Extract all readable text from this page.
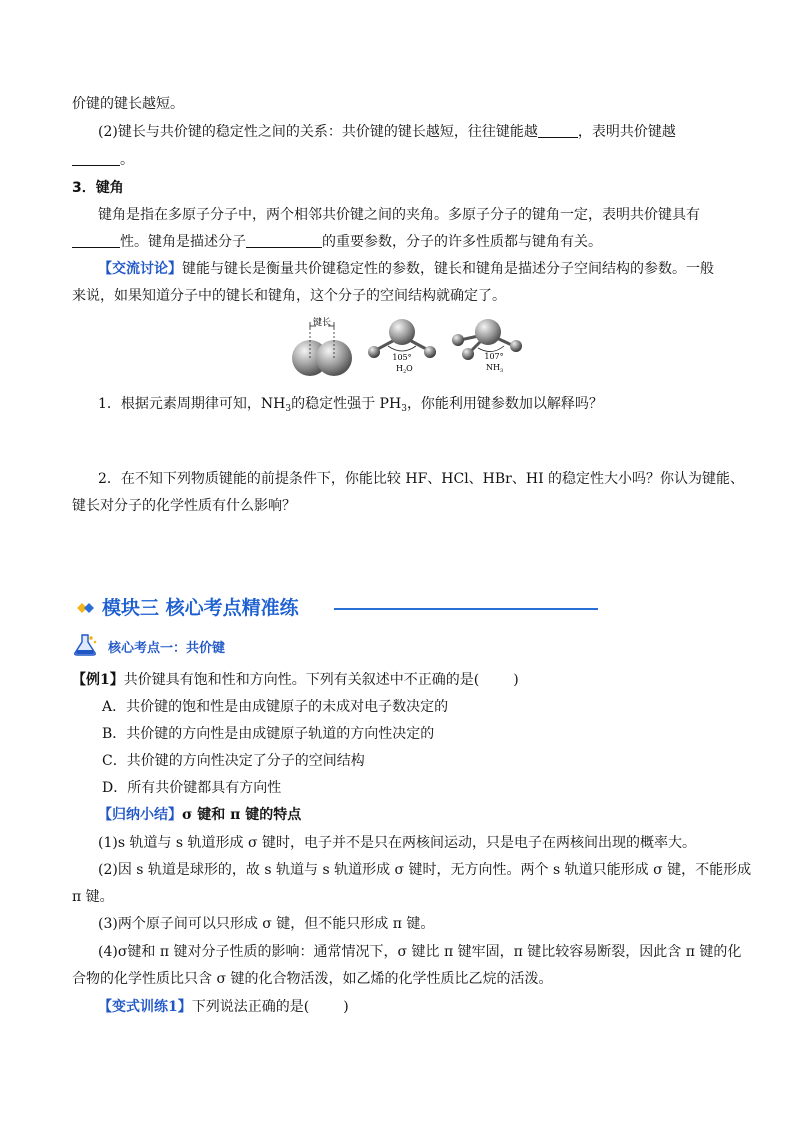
价键的键长越短。
(2)键长与共价键的稳定性之间的关系：共价键的键长越短，往往键能越	，表明共价键越
。
3．键角
键角是指在多原子分子中，两个相邻共价键之间的夹角。多原子分子的键角一定，表明共价键具有
性。键角是描述分子	的重要参数，分子的许多性质都与键角有关。
【交流讨论】键能与键长是衡量共价键稳定性的参数，键长和键角是描述分子空间结构的参数。一般
来说，如果知道分子中的键长和键角，这个分子的空间结构就确定了。
键长
105°
$H_2O$
107°
$NH_3$
1．根据元素周期律可知，$NH_3$的稳定性强于 $PH_3$，你能利用键参数加以解释吗？
2．在不知下列物质键能的前提条件下，你能比较 HF、HCl、HBr、HI 的稳定性大小吗？你认为键能、
键长对分子的化学性质有什么影响？
模块三 核心考点精准练
核心考点一：共价键
【例1】共价键具有饱和性和方向性。下列有关叙述中不正确的是( )
A．共价键的饱和性是由成键原子的未成对电子数决定的
B．共价键的方向性是由成键原子轨道的方向性决定的
C．共价键的方向性决定了分子的空间结构
D．所有共价键都具有方向性
【归纳小结】σ 键和 π 键的特点
(1)s 轨道与 s 轨道形成 σ 键时，电子并不是只在两核间运动，只是电子在两核间出现的概率大。
(2)因 s 轨道是球形的，故 s 轨道与 s 轨道形成 σ 键时，无方向性。两个 s 轨道只能形成 σ 键，不能形成
π 键。
(3)两个原子间可以只形成 σ 键，但不能只形成 π 键。
(4)σ键和 π 键对分子性质的影响：通常情况下，σ 键比 π 键牢固，π 键比较容易断裂，因此含 π 键的化
合物的化学性质比只含 σ 键的化合物活泼，如乙烯的化学性质比乙烷的活泼。
【变式训练1】下列说法正确的是( )
